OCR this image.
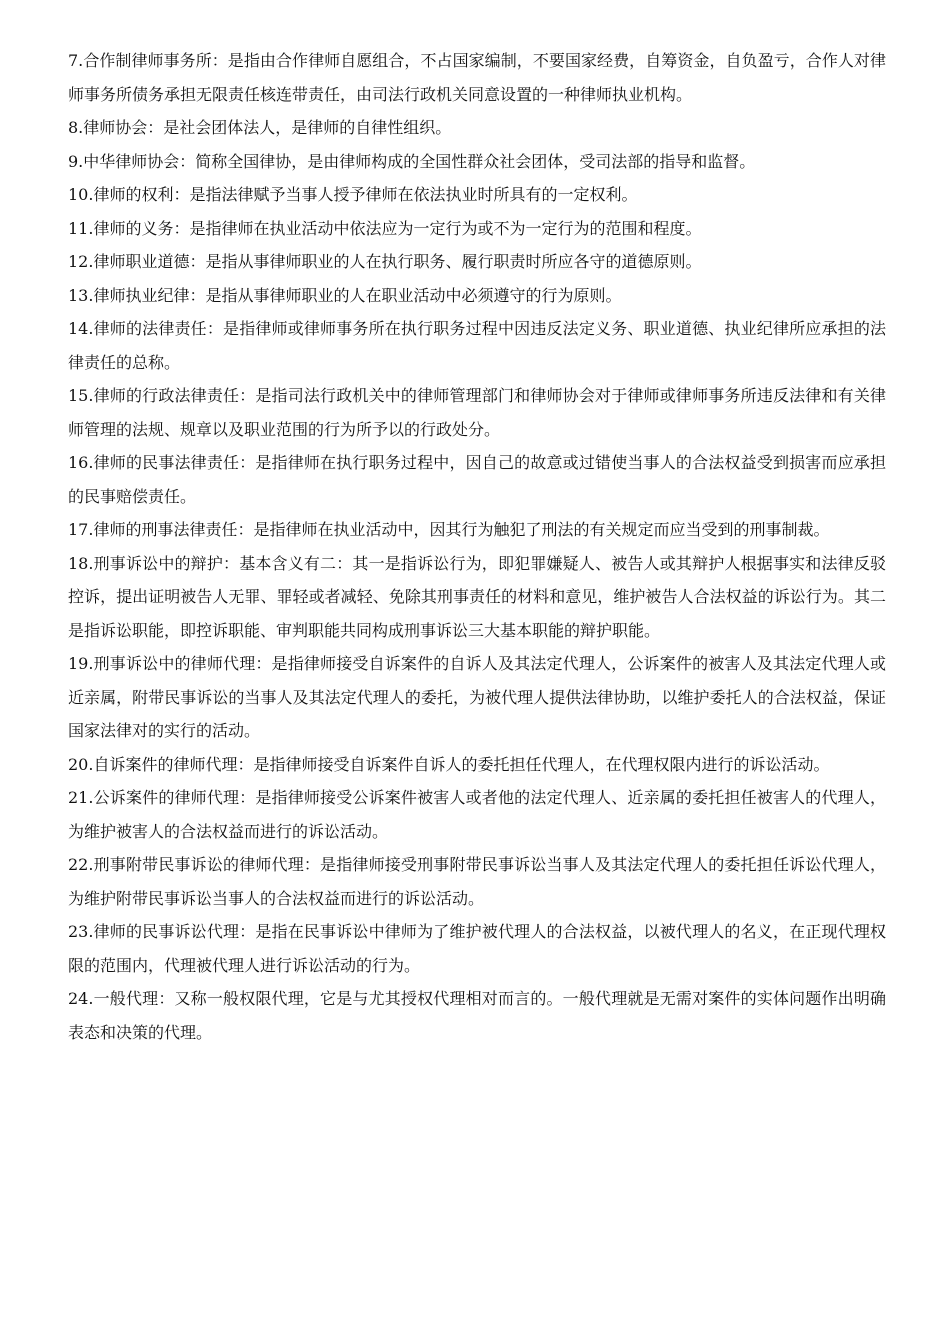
7.合作制律师事务所：是指由合作律师自愿组合，不占国家编制，不要国家经费，自筹资金，自负盈亏，合作人对律师事务所债务承担无限责任核连带责任，由司法行政机关同意设置的一种律师执业机构。

8.律师协会：是社会团体法人，是律师的自律性组织。

9.中华律师协会：简称全国律协，是由律师构成的全国性群众社会团体，受司法部的指导和监督。

10.律师的权利：是指法律赋予当事人授予律师在依法执业时所具有的一定权利。

11.律师的义务：是指律师在执业活动中依法应为一定行为或不为一定行为的范围和程度。

12.律师职业道德：是指从事律师职业的人在执行职务、履行职责时所应各守的道德原则。

13.律师执业纪律：是指从事律师职业的人在职业活动中必须遵守的行为原则。

14.律师的法律责任：是指律师或律师事务所在执行职务过程中因违反法定义务、职业道德、执业纪律所应承担的法律责任的总称。

15.律师的行政法律责任：是指司法行政机关中的律师管理部门和律师协会对于律师或律师事务所违反法律和有关律师管理的法规、规章以及职业范围的行为所予以的行政处分。

16.律师的民事法律责任：是指律师在执行职务过程中，因自己的故意或过错使当事人的合法权益受到损害而应承担的民事赔偿责任。

17.律师的刑事法律责任：是指律师在执业活动中，因其行为触犯了刑法的有关规定而应当受到的刑事制裁。

18.刑事诉讼中的辩护：基本含义有二：其一是指诉讼行为，即犯罪嫌疑人、被告人或其辩护人根据事实和法律反驳控诉，提出证明被告人无罪、罪轻或者减轻、免除其刑事责任的材料和意见，维护被告人合法权益的诉讼行为。其二是指诉讼职能，即控诉职能、审判职能共同构成刑事诉讼三大基本职能的辩护职能。

19.刑事诉讼中的律师代理：是指律师接受自诉案件的自诉人及其法定代理人，公诉案件的被害人及其法定代理人或近亲属，附带民事诉讼的当事人及其法定代理人的委托，为被代理人提供法律协助，以维护委托人的合法权益，保证国家法律对的实行的活动。

20.自诉案件的律师代理：是指律师接受自诉案件自诉人的委托担任代理人，在代理权限内进行的诉讼活动。

21.公诉案件的律师代理：是指律师接受公诉案件被害人或者他的法定代理人、近亲属的委托担任被害人的代理人，为维护被害人的合法权益而进行的诉讼活动。

22.刑事附带民事诉讼的律师代理：是指律师接受刑事附带民事诉讼当事人及其法定代理人的委托担任诉讼代理人，为维护附带民事诉讼当事人的合法权益而进行的诉讼活动。

23.律师的民事诉讼代理：是指在民事诉讼中律师为了维护被代理人的合法权益，以被代理人的名义，在正现代理权限的范围内，代理被代理人进行诉讼活动的行为。

24.一般代理：又称一般权限代理，它是与尤其授权代理相对而言的。一般代理就是无需对案件的实体问题作出明确表态和决策的代理。
